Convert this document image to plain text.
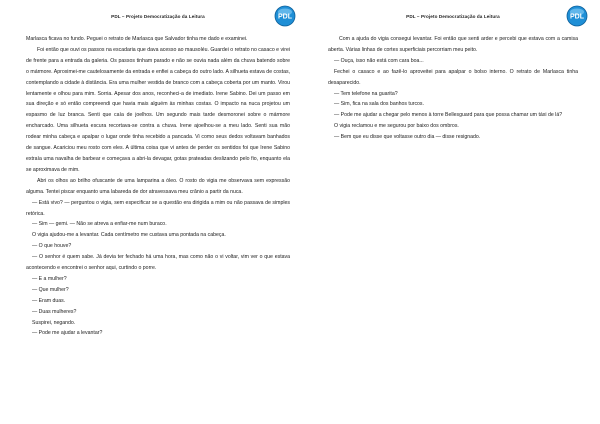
PDL – Projeto Democratização da Leitura	PDL

Marlasca ficava no fundo. Peguei o retrato de Marlasca que Salvador tinha me dado e examinei.

Foi então que ouvi os passos na escadaria que dava acesso ao mausoléu. Guardei o retrato no casaco e virei de frente para a entrada da galeria. Os passos tinham parado e não se ouvia nada além da chuva batendo sobre o mármore. Aproximei-me cautelosamente da entrada e enfiei a cabeça do outro lado. A silhueta estava de costas, contemplando a cidade à distância. Era uma mulher vestida de branco com a cabeça coberta por um manto. Virou lentamente e olhou para mim. Sorria. Apesar dos anos, reconheci-a de imediato. Irene Sabino. Dei um passo em sua direção e só então compreendi que havia mais alguém às minhas costas. O impacto na nuca projetou um espasmo de luz branca. Senti que caía de joelhos. Um segundo mais tarde desmoronei sobre o mármore encharcado. Uma silhueta escura recortava-se contra a chuva. Irene ajoelhou-se a meu lado. Senti sua mão rodear minha cabeça e apalpar o lugar onde tinha recebido a pancada. Vi como seus dedos voltavam banhados de sangue. Acariciou meu rosto com eles. A última coisa que vi antes de perder os sentidos foi que Irene Sabino extraía uma navalha de barbear e começava a abri-la devagar, gotas prateadas deslizando pelo fio, enquanto ela se aproximava de mim.

Abri os olhos ao brilho ofuscante de uma lamparina a óleo. O rosto do vigia me observava sem expressão alguma. Tentei piscar enquanto uma labareda de dor atravessava meu crânio a partir da nuca.

— Está vivo? — perguntou o vigia, sem especificar se a questão era dirigida a mim ou não passava de simples retórica.

— Sim — gemi. — Não se atreva a enfiar-me num buraco.

O vigia ajudou-me a levantar. Cada centímetro me custava uma pontada na cabeça.

— O que houve?

— O senhor é quem sabe. Já deviа ter fechado há uma hora, mas como não o vi voltar, vim ver o que estava acontecendo e encontrei o senhor aqui, curtindo o porre.

— E a mulher?

— Que mulher?

— Eram duas.

— Duas mulheres?

Suspirei, negando.

— Pode me ajudar a levantar?

PDL – Projeto Democratização da Leitura	PDL

Com a ajuda do vigia consegui levantar. Foi então que senti arder e percebi que estava com a camisa aberta. Várias linhas de cortes superficiais percorriam meu peito.

— Ouça, isso não está com cara boa...

Fechei o casaco e ao fazê-lo aproveitei para apalpar o bolso interno. O retrato de Marlasca tinha desaparecido.

— Tem telefone na guarita?

— Sim, fica na sala dos banhos turcos.

— Pode me ajudar a chegar pelo menos à torre Bellesguard para que possa chamar um táxi de lá?

O vigia reclamou e me segurou por baixo dos ombros.

— Bem que eu disse que voltasse outro dia — disse resignado.
